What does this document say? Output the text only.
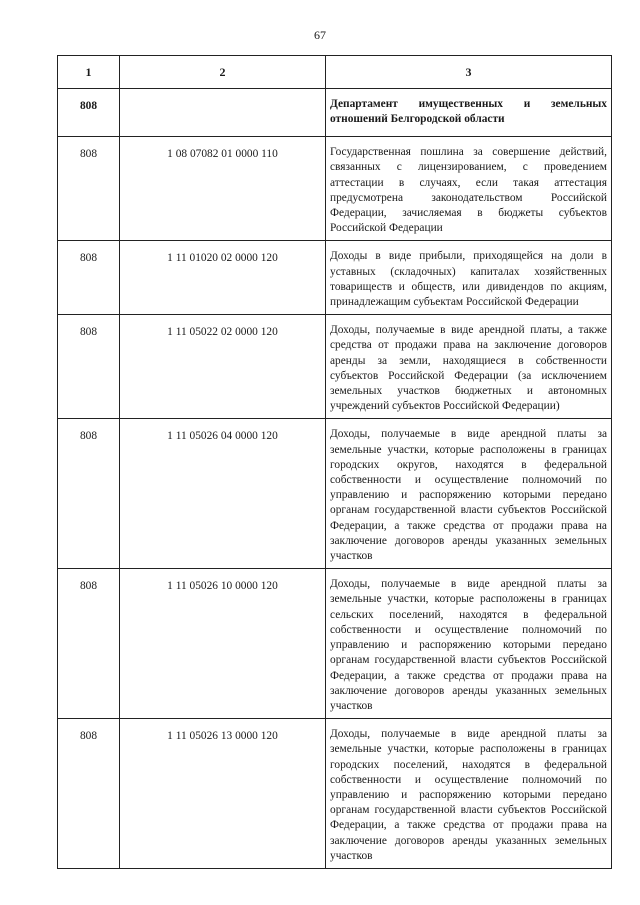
67
1	2	3
808		Департамент имущественных и земельных отношений Белгородской области
808	1 08 07082 01 0000 110	Государственная пошлина за совершение действий, связанных с лицензированием, с проведением аттестации в случаях, если такая аттестация предусмотрена законодательством Российской Федерации, зачисляемая в бюджеты субъектов Российской Федерации
808	1 11 01020 02 0000 120	Доходы в виде прибыли, приходящейся на доли в уставных (складочных) капиталах хозяйственных товариществ и обществ, или дивидендов по акциям, принадлежащим субъектам Российской Федерации
808	1 11 05022 02 0000 120	Доходы, получаемые в виде арендной платы, а также средства от продажи права на заключение договоров аренды за земли, находящиеся в собственности субъектов Российской Федерации (за исключением земельных участков бюджетных и автономных учреждений субъектов Российской Федерации)
808	1 11 05026 04 0000 120	Доходы, получаемые в виде арендной платы за земельные участки, которые расположены в границах городских округов, находятся в федеральной собственности и осуществление полномочий по управлению и распоряжению которыми передано органам государственной власти субъектов Российской Федерации, а также средства от продажи права на заключение договоров аренды указанных земельных участков
808	1 11 05026 10 0000 120	Доходы, получаемые в виде арендной платы за земельные участки, которые расположены в границах сельских поселений, находятся в федеральной собственности и осуществление полномочий по управлению и распоряжению которыми передано органам государственной власти субъектов Российской Федерации, а также средства от продажи права на заключение договоров аренды указанных земельных участков
808	1 11 05026 13 0000 120	Доходы, получаемые в виде арендной платы за земельные участки, которые расположены в границах городских поселений, находятся в федеральной собственности и осуществление полномочий по управлению и распоряжению которыми передано органам государственной власти субъектов Российской Федерации, а также средства от продажи права на заключение договоров аренды указанных земельных участков
